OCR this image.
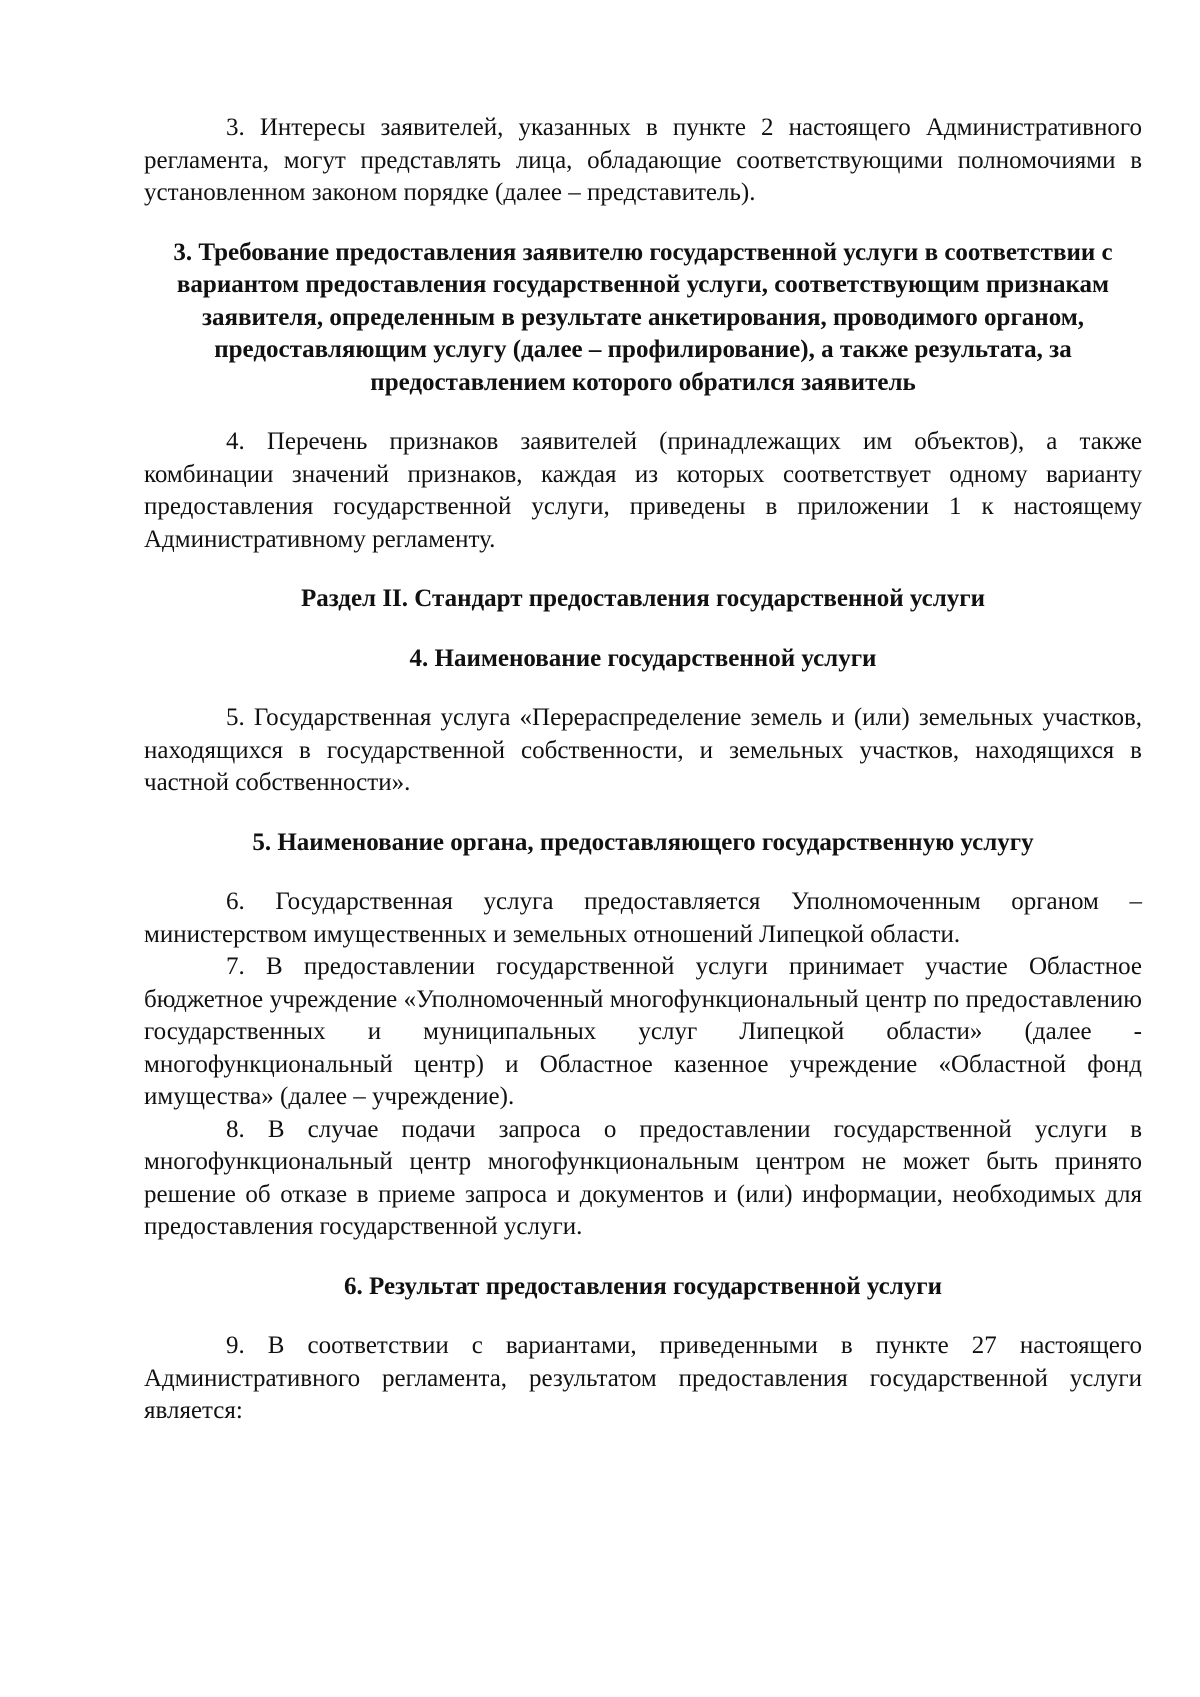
3. Интересы заявителей, указанных в пункте 2 настоящего Административного регламента, могут представлять лица, обладающие соответствующими полномочиями в установленном законом порядке (далее – представитель).

3. Требование предоставления заявителю государственной услуги в соответствии с вариантом предоставления государственной услуги, соответствующим признакам заявителя, определенным в результате анкетирования, проводимого органом, предоставляющим услугу (далее – профилирование), а также результата, за предоставлением которого обратился заявитель

4. Перечень признаков заявителей (принадлежащих им объектов), а также комбинации значений признаков, каждая из которых соответствует одному варианту предоставления государственной услуги, приведены в приложении 1 к настоящему Административному регламенту.

Раздел II. Стандарт предоставления государственной услуги
4. Наименование государственной услуги

5. Государственная услуга «Перераспределение земель и (или) земельных участков, находящихся в государственной собственности, и земельных участков, находящихся в частной собственности».

5. Наименование органа, предоставляющего государственную услугу

6. Государственная услуга предоставляется Уполномоченным органом – министерством имущественных и земельных отношений Липецкой области.

7. В предоставлении государственной услуги принимает участие Областное бюджетное учреждение «Уполномоченный многофункциональный центр по предоставлению государственных и муниципальных услуг Липецкой области» (далее - многофункциональный центр) и Областное казенное учреждение «Областной фонд имущества» (далее – учреждение).

8. В случае подачи запроса о предоставлении государственной услуги в многофункциональный центр многофункциональным центром не может быть принято решение об отказе в приеме запроса и документов и (или) информации, необходимых для предоставления государственной услуги.

6. Результат предоставления государственной услуги

9. В соответствии с вариантами, приведенными в пункте 27 настоящего Административного регламента, результатом предоставления государственной услуги является:
